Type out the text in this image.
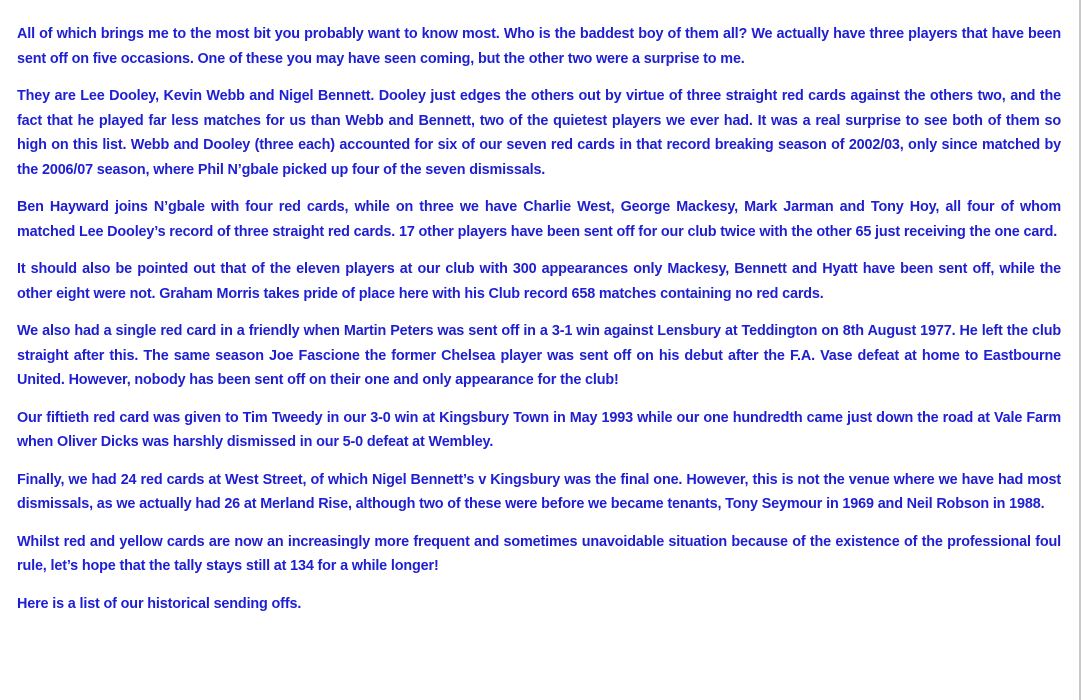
All of which brings me to the most bit you probably want to know most. Who is the baddest boy of them all? We actually have three players that have been sent off on five occasions. One of these you may have seen coming, but the other two were a surprise to me.

They are Lee Dooley, Kevin Webb and Nigel Bennett. Dooley just edges the others out by virtue of three straight red cards against the others two, and the fact that he played far less matches for us than Webb and Bennett, two of the quietest players we ever had. It was a real surprise to see both of them so high on this list. Webb and Dooley (three each) accounted for six of our seven red cards in that record breaking season of 2002/03, only since matched by the 2006/07 season, where Phil N’gbale picked up four of the seven dismissals.

Ben Hayward joins N’gbale with four red cards, while on three we have Charlie West, George Mackesy, Mark Jarman and Tony Hoy, all four of whom matched Lee Dooley’s record of three straight red cards. 17 other players have been sent off for our club twice with the other 65 just receiving the one card.

It should also be pointed out that of the eleven players at our club with 300 appearances only Mackesy, Bennett and Hyatt have been sent off, while the other eight were not. Graham Morris takes pride of place here with his Club record 658 matches containing no red cards.

We also had a single red card in a friendly when Martin Peters was sent off in a 3-1 win against Lensbury at Teddington on 8th August 1977. He left the club straight after this. The same season Joe Fascione the former Chelsea player was sent off on his debut after the F.A. Vase defeat at home to Eastbourne United. However, nobody has been sent off on their one and only appearance for the club!

Our fiftieth red card was given to Tim Tweedy in our 3-0 win at Kingsbury Town in May 1993 while our one hundredth came just down the road at Vale Farm when Oliver Dicks was harshly dismissed in our 5-0 defeat at Wembley.

Finally, we had 24 red cards at West Street, of which Nigel Bennett’s v Kingsbury was the final one. However, this is not the venue where we have had most dismissals, as we actually had 26 at Merland Rise, although two of these were before we became tenants, Tony Seymour in 1969 and Neil Robson in 1988.

Whilst red and yellow cards are now an increasingly more frequent and sometimes unavoidable situation because of the existence of the professional foul rule, let’s hope that the tally stays still at 134 for a while longer!

Here is a list of our historical sending offs.
